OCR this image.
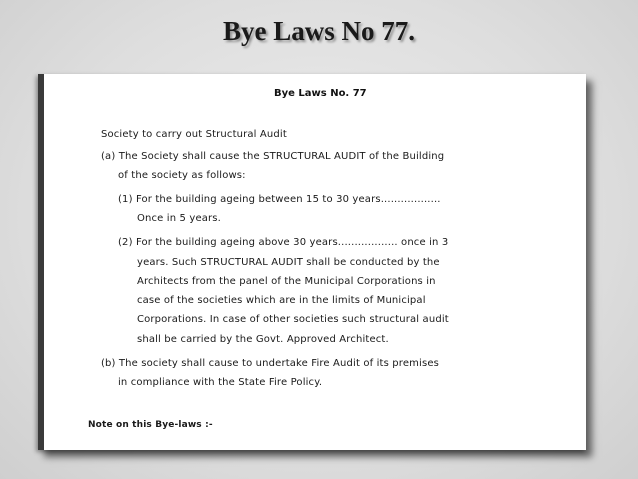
Bye Laws No 77.
Bye Laws No. 77
Society to carry out Structural Audit
(a) The Society shall cause the STRUCTURAL AUDIT of the Building
of the society as follows:
(1) For the building ageing between 15 to 30 years..................
Once in 5 years.
(2) For the building ageing above 30 years.................. once in 3
years. Such STRUCTURAL AUDIT shall be conducted by the
Architects from the panel of the Municipal Corporations in
case of the societies which are in the limits of Municipal
Corporations. In case of other societies such structural audit
shall be carried by the Govt. Approved Architect.
(b) The society shall cause to undertake Fire Audit of its premises
in compliance with the State Fire Policy.
Note on this Bye-laws :-
